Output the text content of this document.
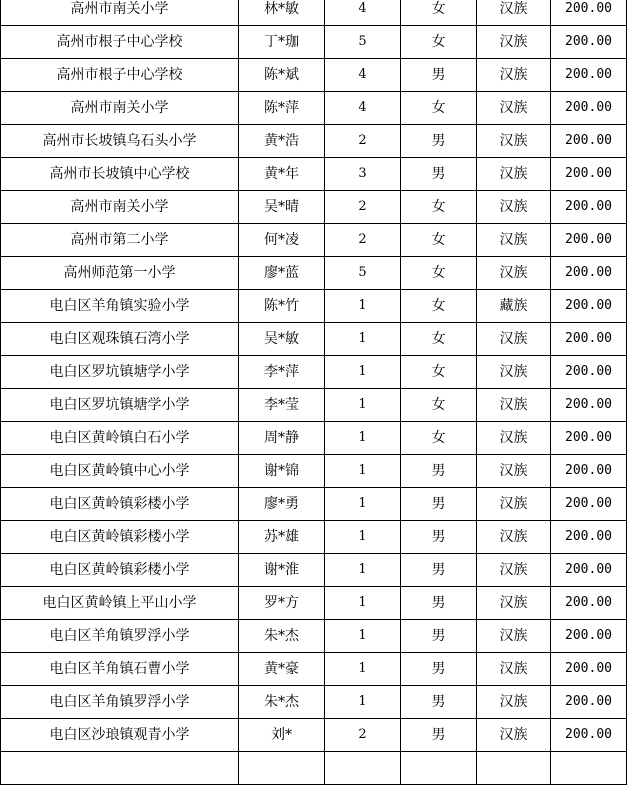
高州市南关小学	林*敏	4	女	汉族	200.00
高州市根子中心学校	丁*珈	5	女	汉族	200.00
高州市根子中心学校	陈*斌	4	男	汉族	200.00
高州市南关小学	陈*萍	4	女	汉族	200.00
高州市长坡镇乌石头小学	黄*浩	2	男	汉族	200.00
高州市长坡镇中心学校	黄*年	3	男	汉族	200.00
高州市南关小学	吴*晴	2	女	汉族	200.00
高州市第二小学	何*凌	2	女	汉族	200.00
高州师范第一小学	廖*蓝	5	女	汉族	200.00
电白区羊角镇实验小学	陈*竹	1	女	藏族	200.00
电白区观珠镇石湾小学	吴*敏	1	女	汉族	200.00
电白区罗坑镇塘学小学	李*萍	1	女	汉族	200.00
电白区罗坑镇塘学小学	李*莹	1	女	汉族	200.00
电白区黄岭镇白石小学	周*静	1	女	汉族	200.00
电白区黄岭镇中心小学	谢*锦	1	男	汉族	200.00
电白区黄岭镇彩楼小学	廖*勇	1	男	汉族	200.00
电白区黄岭镇彩楼小学	苏*雄	1	男	汉族	200.00
电白区黄岭镇彩楼小学	谢*淮	1	男	汉族	200.00
电白区黄岭镇上平山小学	罗*方	1	男	汉族	200.00
电白区羊角镇罗浮小学	朱*杰	1	男	汉族	200.00
电白区羊角镇石曹小学	黄*豪	1	男	汉族	200.00
电白区羊角镇罗浮小学	朱*杰	1	男	汉族	200.00
电白区沙琅镇观青小学	刘*	2	男	汉族	200.00
